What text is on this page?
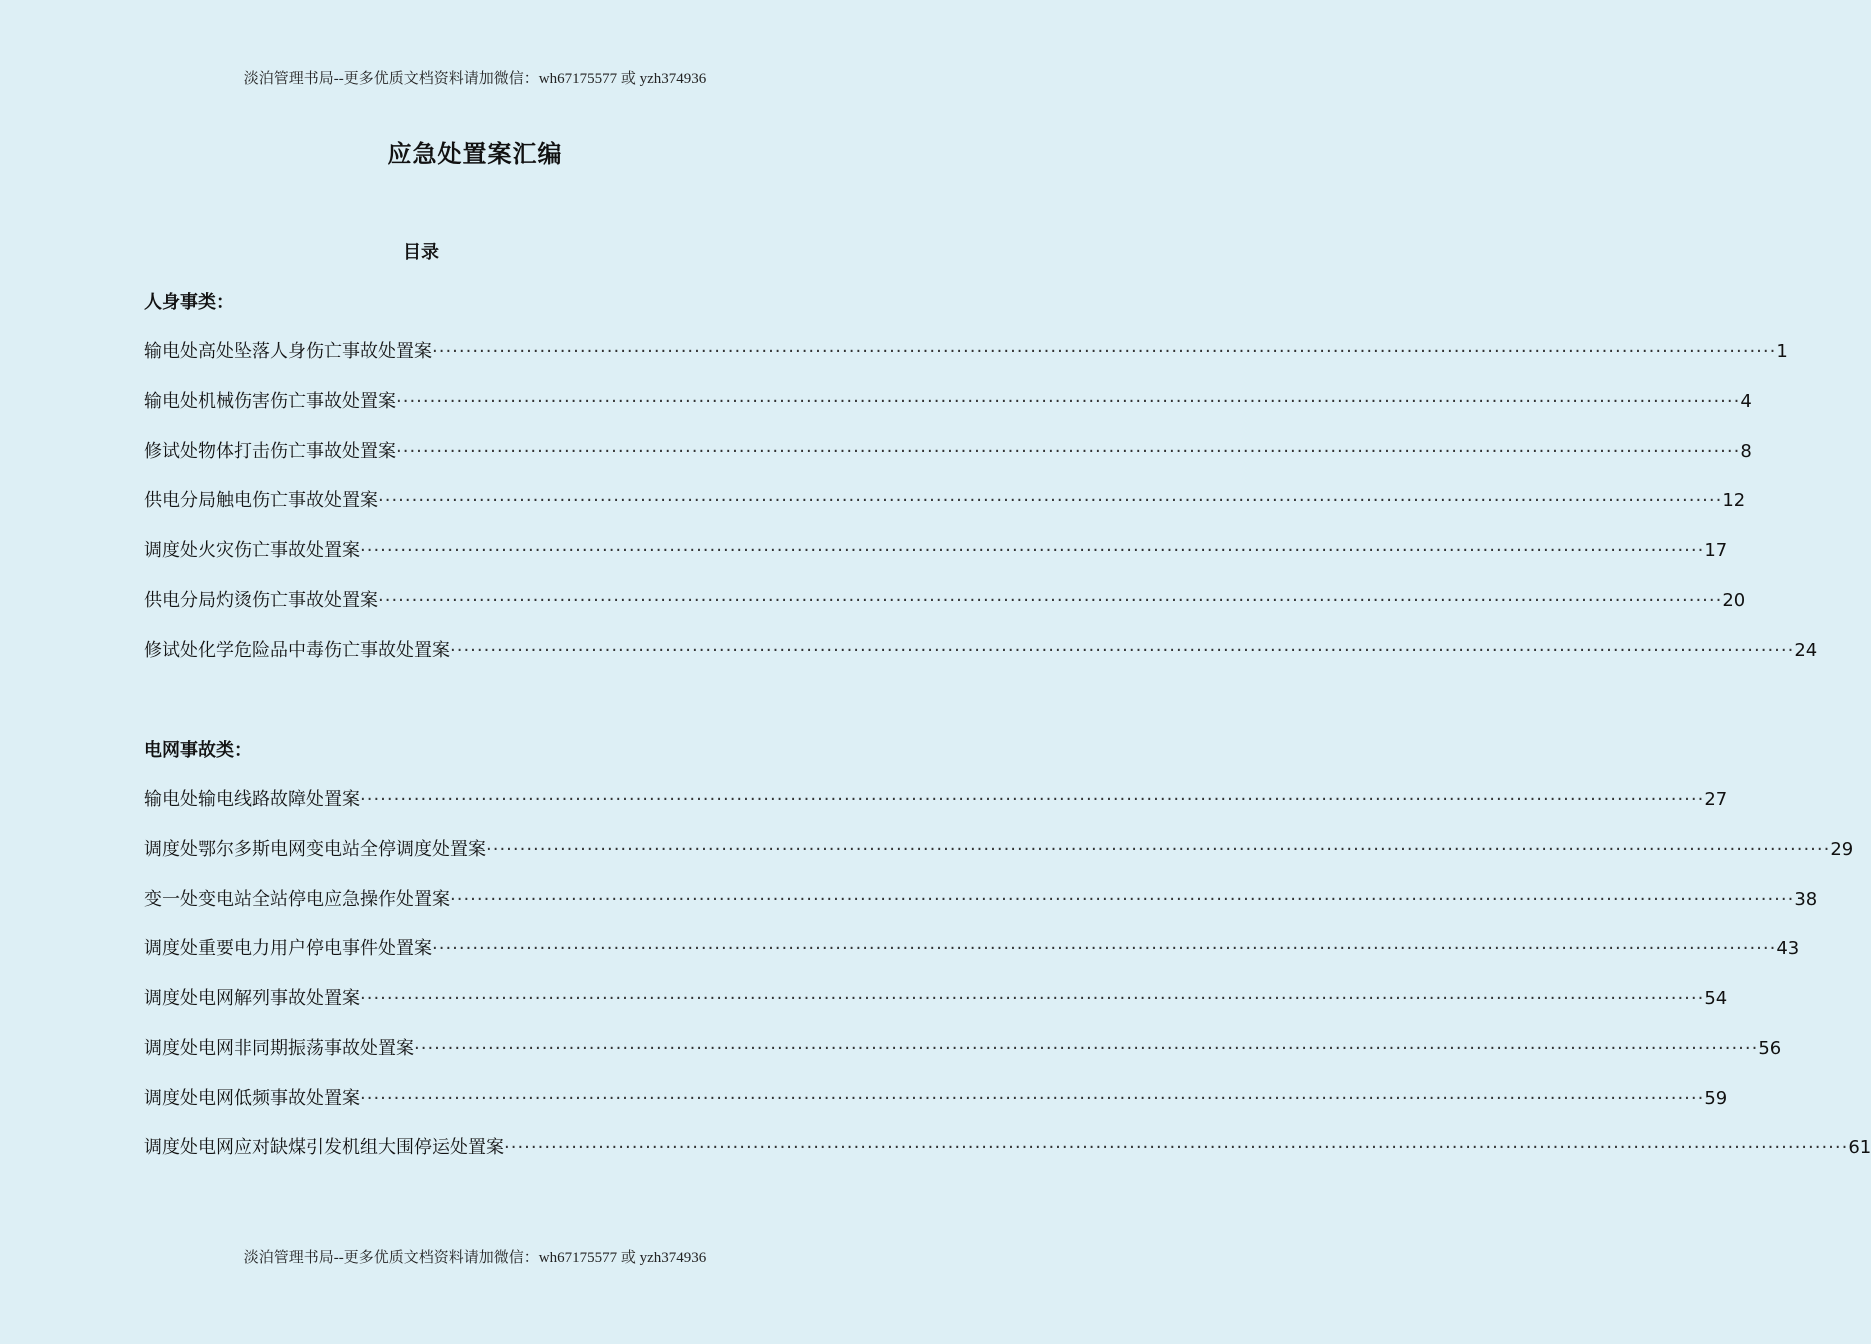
淡泊管理书局--更多优质文档资料请加微信：wh67175577 或 yzh374936
应急处置案汇编
目录
人身事类：
输电处高处坠落人身伤亡事故处置案 ········································································································································································································ 1
输电处机械伤害伤亡事故处置案 ········································································································································································································ 4
修试处物体打击伤亡事故处置案 ········································································································································································································ 8
供电分局触电伤亡事故处置案 ········································································································································································································ 12
调度处火灾伤亡事故处置案 ········································································································································································································ 17
供电分局灼烫伤亡事故处置案 ········································································································································································································ 20
修试处化学危险品中毒伤亡事故处置案 ········································································································································································································ 24
电网事故类：
输电处输电线路故障处置案 ········································································································································································································ 27
调度处鄂尔多斯电网变电站全停调度处置案 ········································································································································································································ 29
变一处变电站全站停电应急操作处置案 ········································································································································································································ 38
调度处重要电力用户停电事件处置案 ········································································································································································································ 43
调度处电网解列事故处置案 ········································································································································································································ 54
调度处电网非同期振荡事故处置案 ········································································································································································································ 56
调度处电网低频事故处置案 ········································································································································································································ 59
调度处电网应对缺煤引发机组大围停运处置案 ········································································································································································································ 61
淡泊管理书局--更多优质文档资料请加微信：wh67175577 或 yzh374936
